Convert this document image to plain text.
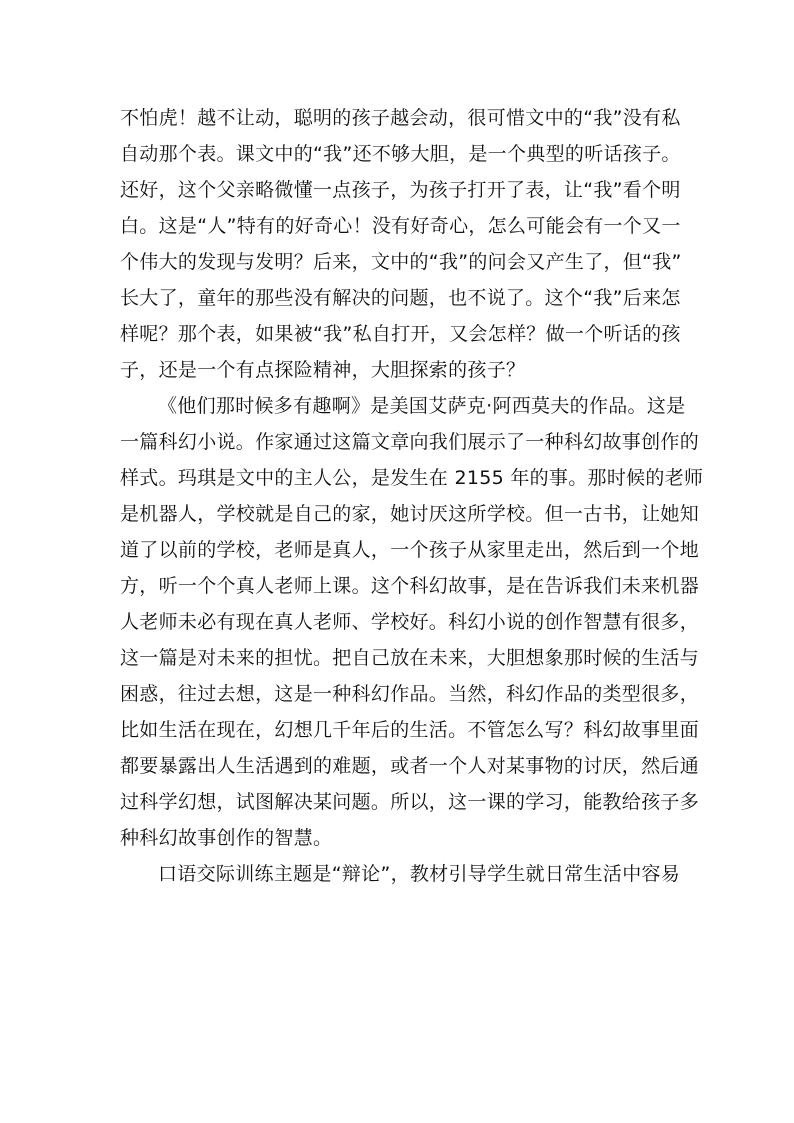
不怕虎！越不让动，聪明的孩子越会动，很可惜文中的“我”没有私
自动那个表。课文中的“我”还不够大胆，是一个典型的听话孩子。
还好，这个父亲略微懂一点孩子，为孩子打开了表，让“我”看个明
白。这是“人”特有的好奇心！没有好奇心，怎么可能会有一个又一
个伟大的发现与发明？后来，文中的“我”的问会又产生了，但“我”
长大了，童年的那些没有解决的问题，也不说了。这个“我”后来怎
样呢？那个表，如果被“我”私自打开，又会怎样？做一个听话的孩
子，还是一个有点探险精神，大胆探索的孩子？
《他们那时候多有趣啊》是美国艾萨克·阿西莫夫的作品。这是
一篇科幻小说。作家通过这篇文章向我们展示了一种科幻故事创作的
样式。玛琪是文中的主人公，是发生在 2155 年的事。那时候的老师
是机器人，学校就是自己的家，她讨厌这所学校。但一古书，让她知
道了以前的学校，老师是真人，一个孩子从家里走出，然后到一个地
方，听一个个真人老师上课。这个科幻故事，是在告诉我们未来机器
人老师未必有现在真人老师、学校好。科幻小说的创作智慧有很多，
这一篇是对未来的担忧。把自己放在未来，大胆想象那时候的生活与
困惑，往过去想，这是一种科幻作品。当然，科幻作品的类型很多，
比如生活在现在，幻想几千年后的生活。不管怎么写？科幻故事里面
都要暴露出人生活遇到的难题，或者一个人对某事物的讨厌，然后通
过科学幻想，试图解决某问题。所以，这一课的学习，能教给孩子多
种科幻故事创作的智慧。
口语交际训练主题是“辩论”，教材引导学生就日常生活中容易
